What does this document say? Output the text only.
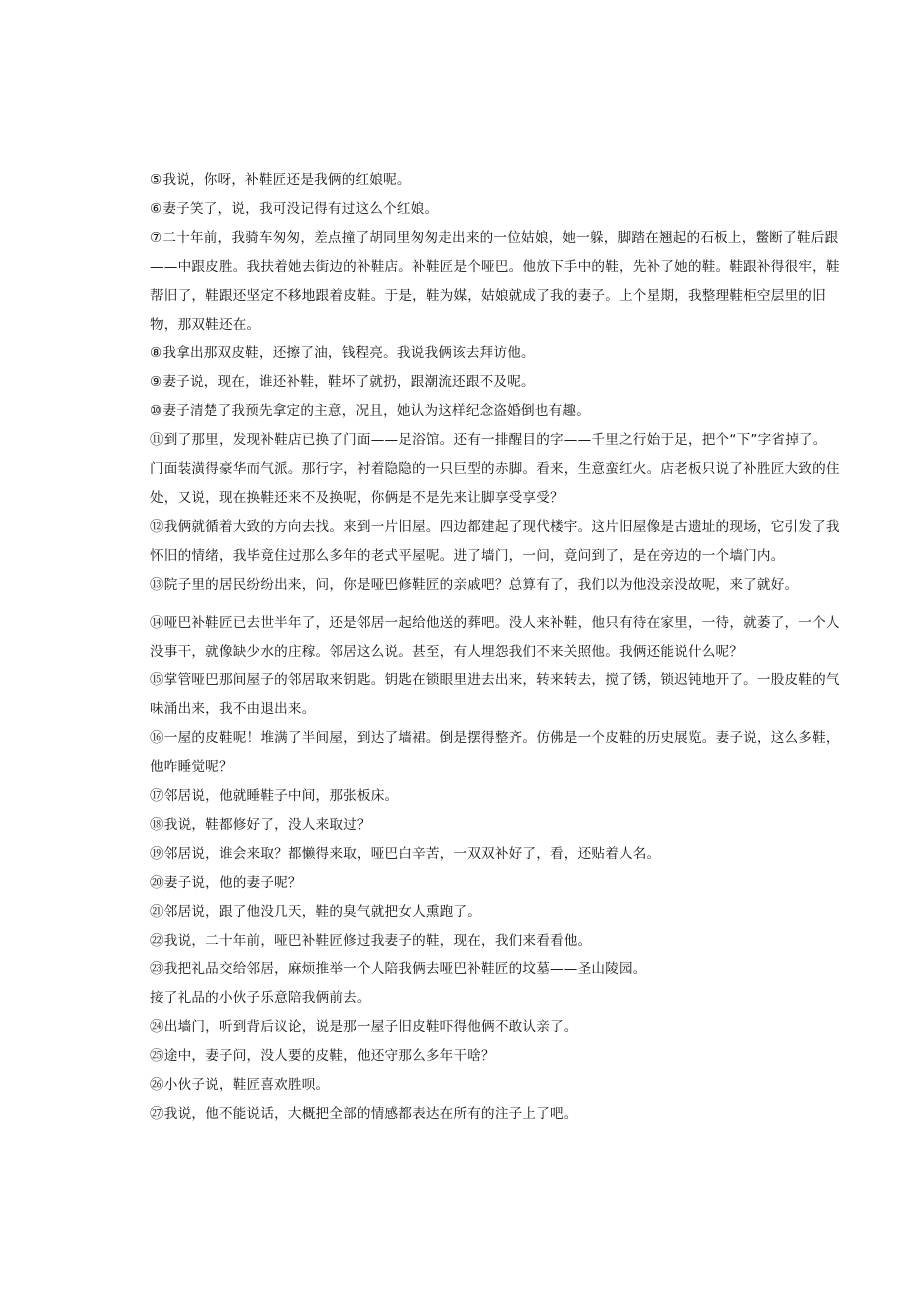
⑤我说，你呀，补鞋匠还是我俩的红娘呢。

⑥妻子笑了，说，我可没记得有过这么个红娘。

⑦二十年前，我骑车匆匆，差点撞了胡同里匆匆走出来的一位姑娘，她一躲，脚踏在翘起的石板上，鳖断了鞋后跟——中跟皮胜。我扶着她去街边的补鞋店。补鞋匠是个哑巴。他放下手中的鞋，先补了她的鞋。鞋跟补得很牢，鞋帮旧了，鞋跟还坚定不移地跟着皮鞋。于是，鞋为媒，姑娘就成了我的妻子。上个星期，我整理鞋柜空层里的旧物，那双鞋还在。

⑧我拿出那双皮鞋，还擦了油，钱程亮。我说我俩该去拜访他。

⑨妻子说，现在，谁还补鞋，鞋坏了就扔，跟潮流还跟不及呢。

⑩妻子清楚了我预先拿定的主意，况且，她认为这样纪念盗婚倒也有趣。

⑪到了那里，发现补鞋店已换了门面——足浴馆。还有一排醒目的字——千里之行始于足，把个“下”字省掉了。门面装潢得豪华而气派。那行字，衬着隐隐的一只巨型的赤脚。看来，生意蛮红火。店老板只说了补胜匠大致的住处，又说，现在换鞋还来不及换呢，你俩是不是先来让脚享受享受？

⑫我俩就循着大致的方向去找。来到一片旧屋。四边都建起了现代楼宇。这片旧屋像是古遗址的现场，它引发了我怀旧的情绪，我毕竟住过那么多年的老式平屋呢。进了墙门，一问，竟问到了，是在旁边的一个墙门内。

⑬院子里的居民纷纷出来，问，你是哑巴修鞋匠的亲戚吧？总算有了，我们以为他没亲没故呢，来了就好。

⑭哑巴补鞋匠已去世半年了，还是邻居一起给他送的葬吧。没人来补鞋，他只有待在家里，一待，就萎了，一个人没事干，就像缺少水的庄稼。邻居这么说。甚至，有人埋怨我们不来关照他。我俩还能说什么呢？

⑮掌管哑巴那间屋子的邻居取来钥匙。钥匙在锁眼里进去出来，转来转去，搅了锈，锁迟钝地开了。一股皮鞋的气味涌出来，我不由退出来。

⑯一屋的皮鞋呢！堆满了半间屋，到达了墙裙。倒是摆得整齐。仿佛是一个皮鞋的历史展览。妻子说，这么多鞋，他咋睡觉呢？

⑰邻居说，他就睡鞋子中间，那张板床。

⑱我说，鞋都修好了，没人来取过？

⑲邻居说，谁会来取？都懒得来取，哑巴白辛苦，一双双补好了，看，还贴着人名。

⑳妻子说，他的妻子呢？

㉑邻居说，跟了他没几天，鞋的臭气就把女人熏跑了。

㉒我说，二十年前，哑巴补鞋匠修过我妻子的鞋，现在，我们来看看他。

㉓我把礼品交给邻居，麻烦推举一个人陪我俩去哑巴补鞋匠的坟墓——圣山陵园。

接了礼品的小伙子乐意陪我俩前去。

㉔出墙门，听到背后议论，说是那一屋子旧皮鞋吓得他俩不敢认亲了。

㉕途中，妻子问，没人要的皮鞋，他还守那么多年干啥？

㉖小伙子说，鞋匠喜欢胜呗。

㉗我说，他不能说话，大概把全部的情感都表达在所有的注子上了吧。
